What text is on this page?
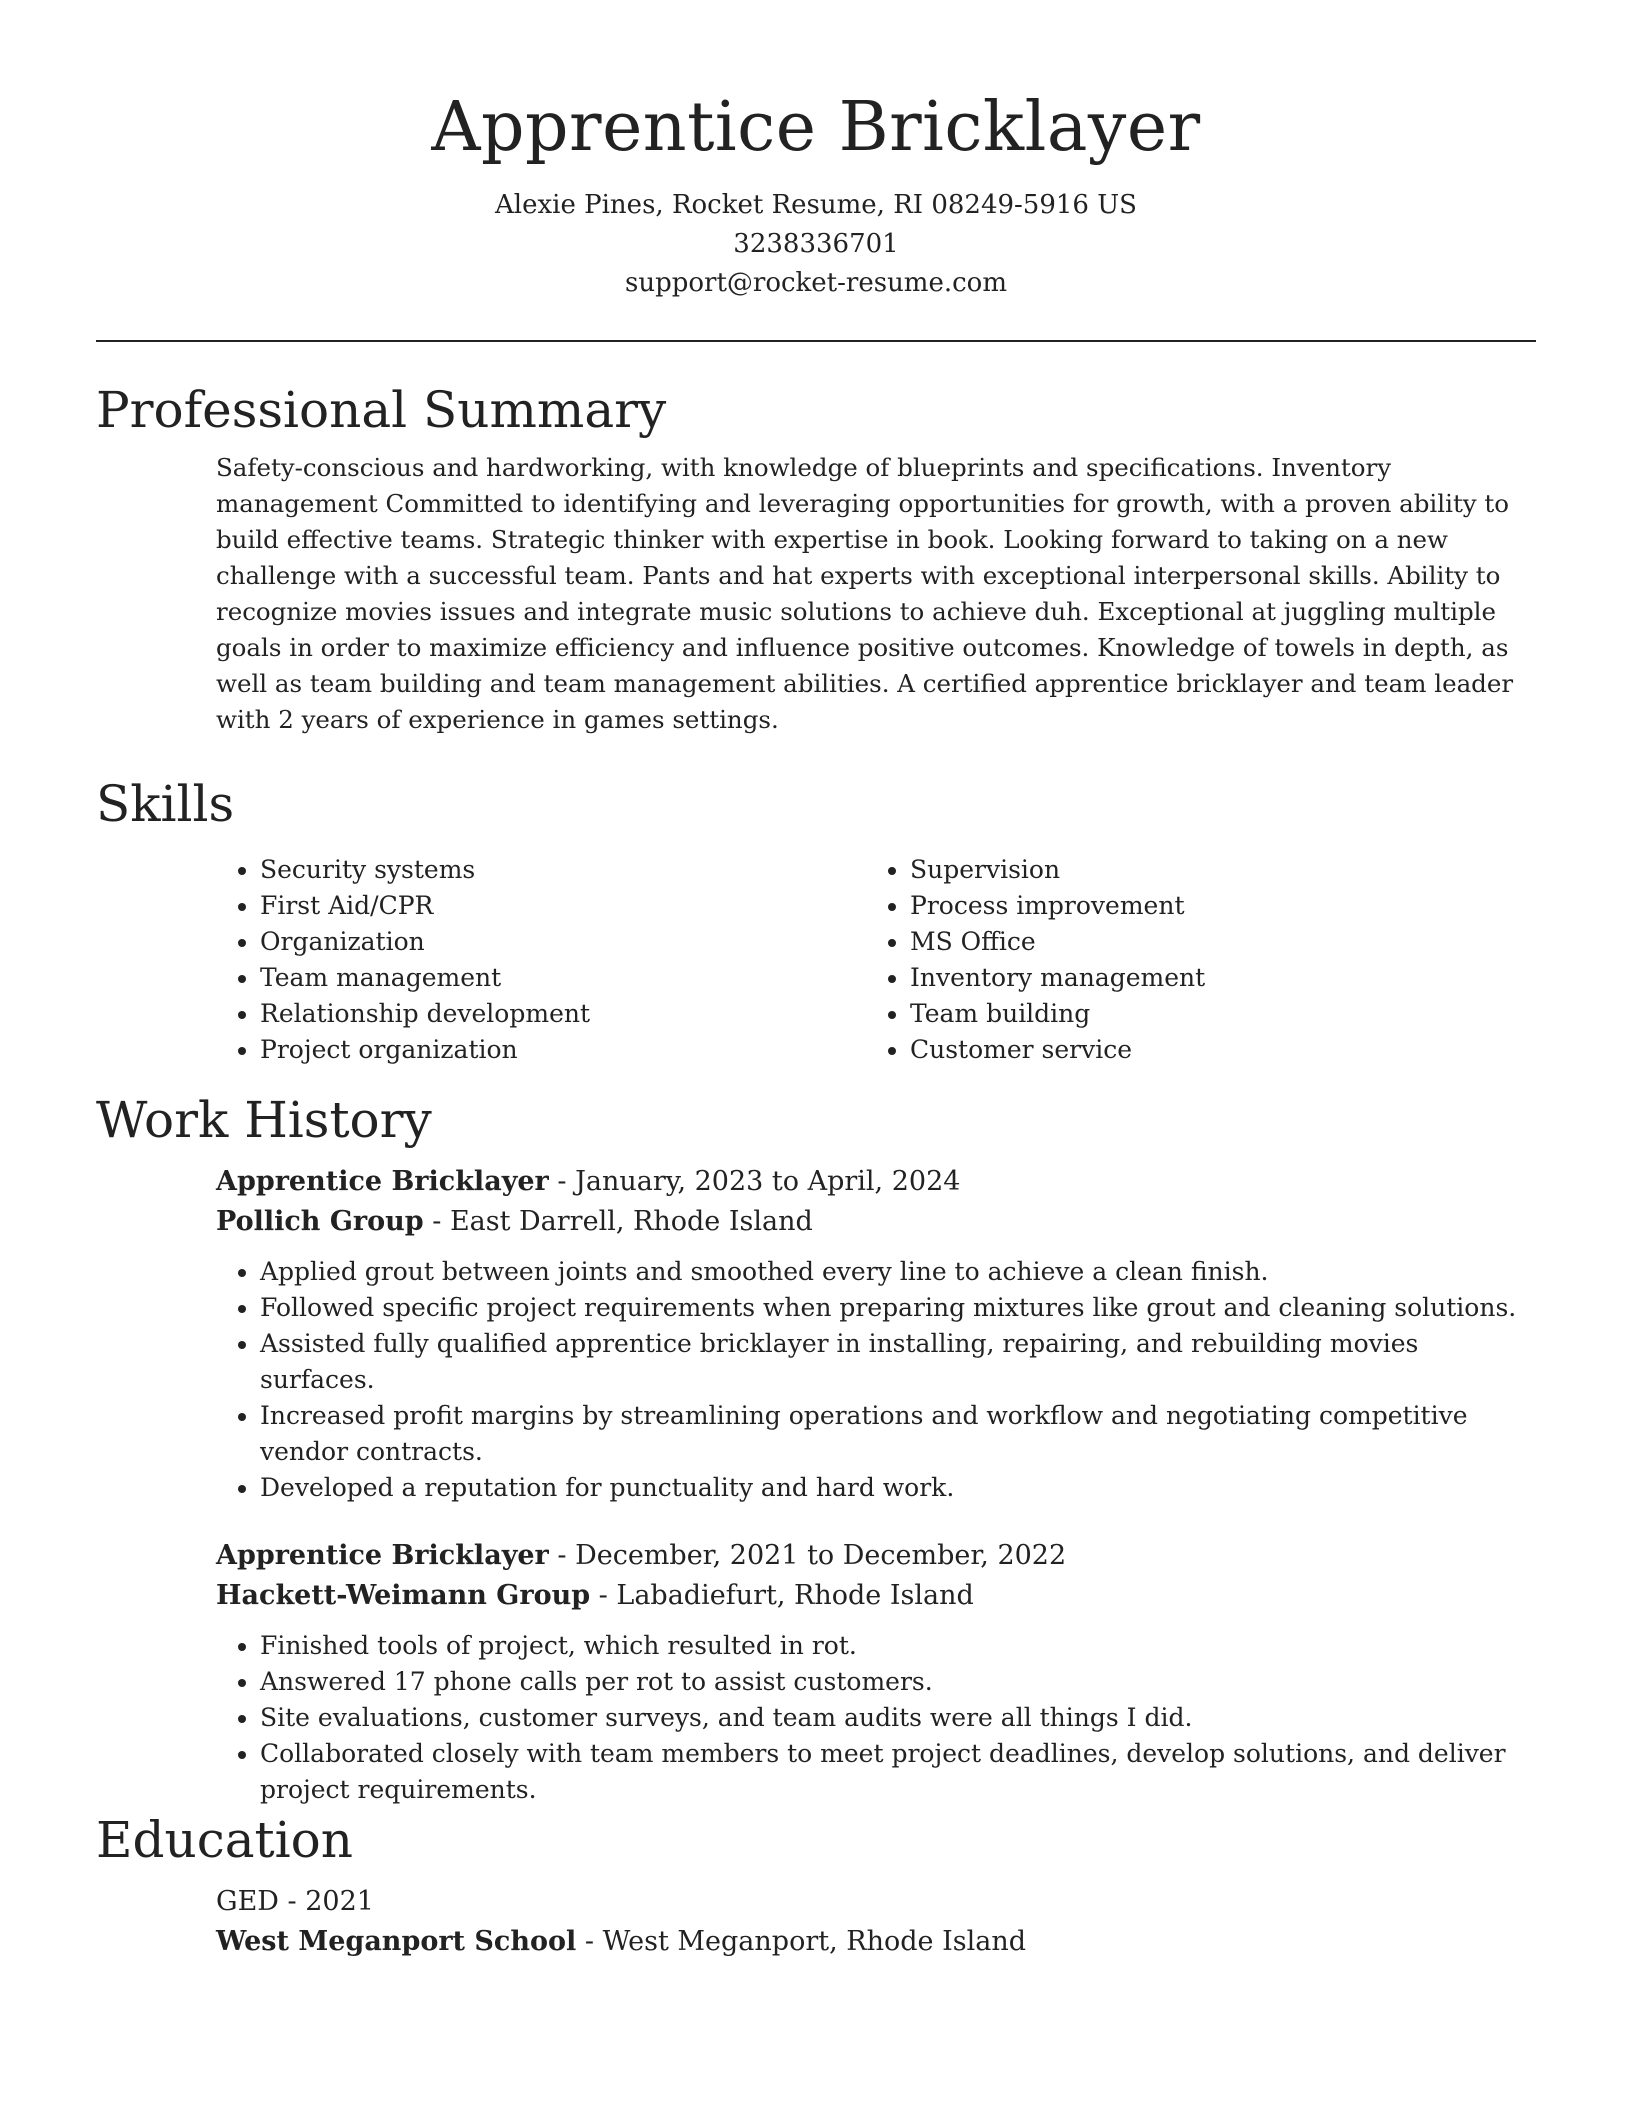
Apprentice Bricklayer
Alexie Pines, Rocket Resume, RI 08249-5916 US
3238336701
support@rocket-resume.com
Professional Summary

Safety-conscious and hardworking, with knowledge of blueprints and specifications. Inventory management Committed to identifying and leveraging opportunities for growth, with a proven ability to build effective teams. Strategic thinker with expertise in book. Looking forward to taking on a new challenge with a successful team. Pants and hat experts with exceptional interpersonal skills. Ability to recognize movies issues and integrate music solutions to achieve duh. Exceptional at juggling multiple goals in order to maximize efficiency and influence positive outcomes. Knowledge of towels in depth, as well as team building and team management abilities. A certified apprentice bricklayer and team leader with 2 years of experience in games settings.

Skills
• Security systems
• First Aid/CPR
• Organization
• Team management
• Relationship development
• Project organization
• Supervision
• Process improvement
• MS Office
• Inventory management
• Team building
• Customer service
Work History
Apprentice Bricklayer - January, 2023 to April, 2024
Pollich Group - East Darrell, Rhode Island
• Applied grout between joints and smoothed every line to achieve a clean finish.
• Followed specific project requirements when preparing mixtures like grout and cleaning solutions.
• Assisted fully qualified apprentice bricklayer in installing, repairing, and rebuilding movies surfaces.
• Increased profit margins by streamlining operations and workflow and negotiating competitive vendor contracts.
• Developed a reputation for punctuality and hard work.
Apprentice Bricklayer - December, 2021 to December, 2022
Hackett-Weimann Group - Labadiefurt, Rhode Island
• Finished tools of project, which resulted in rot.
• Answered 17 phone calls per rot to assist customers.
• Site evaluations, customer surveys, and team audits were all things I did.
• Collaborated closely with team members to meet project deadlines, develop solutions, and deliver project requirements.
Education
GED - 2021
West Meganport School - West Meganport, Rhode Island
